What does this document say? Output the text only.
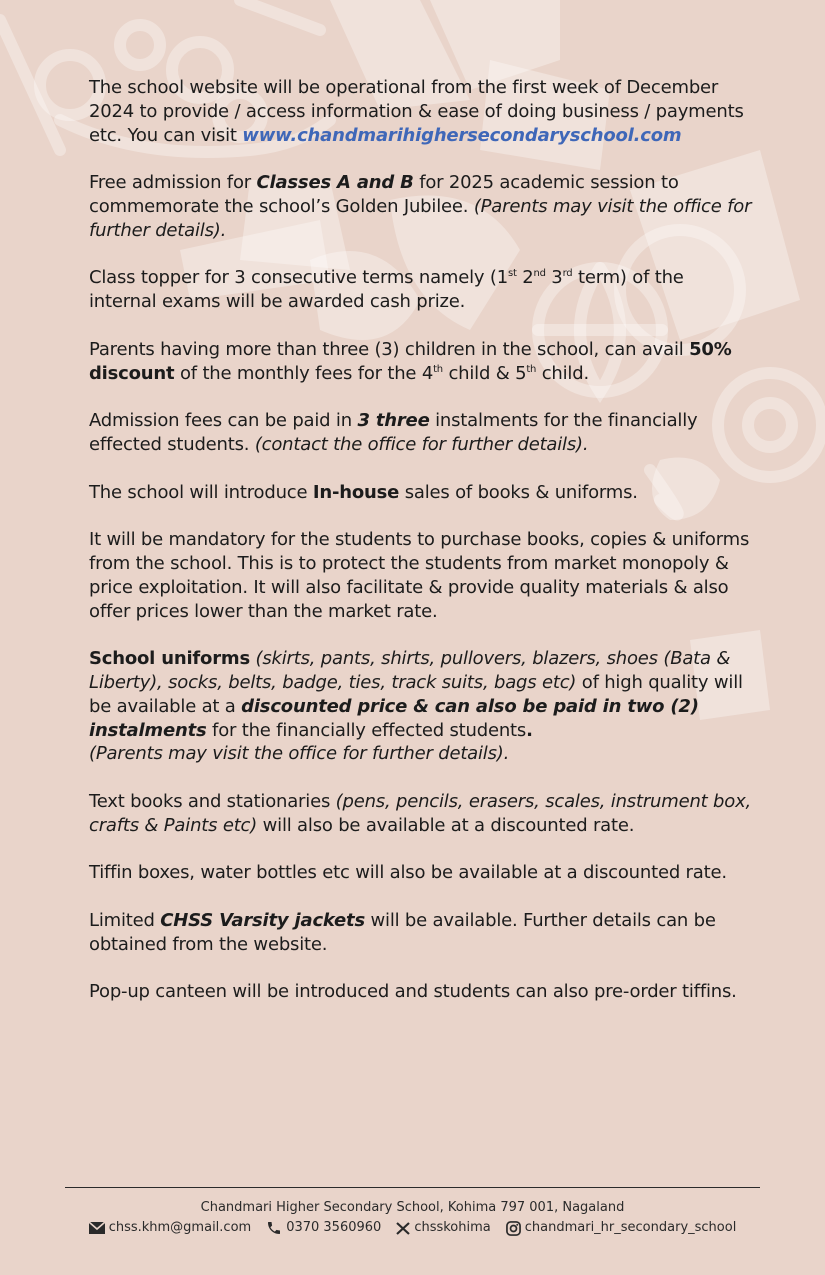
The school website will be operational from the first week of December 2024 to provide / access information & ease of doing business / payments etc. You can visit www.chandmarihighersecondaryschool.com

Free admission for Classes A and B for 2025 academic session to commemorate the school’s Golden Jubilee. (Parents may visit the office for further details).

Class topper for 3 consecutive terms namely (1st 2nd 3rd term) of the internal exams will be awarded cash prize.

Parents having more than three (3) children in the school, can avail 50% discount of the monthly fees for the 4th child & 5th child.

Admission fees can be paid in 3 three instalments for the financially effected students. (contact the office for further details).

The school will introduce In-house sales of books & uniforms.

It will be mandatory for the students to purchase books, copies & uniforms from the school. This is to protect the students from market monopoly & price exploitation. It will also facilitate & provide quality materials & also offer prices lower than the market rate.

School uniforms (skirts, pants, shirts, pullovers, blazers, shoes (Bata & Liberty), socks, belts, badge, ties, track suits, bags etc) of high quality will be available at a discounted price & can also be paid in two (2) instalments for the financially effected students.
(Parents may visit the office for further details).

Text books and stationaries (pens, pencils, erasers, scales, instrument box, crafts & Paints etc) will also be available at a discounted rate.

Tiffin boxes, water bottles etc will also be available at a discounted rate.

Limited CHSS Varsity jackets will be available. Further details can be obtained from the website.

Pop-up canteen will be introduced and students can also pre-order tiffins.

Chandmari Higher Secondary School, Kohima 797 001, Nagaland
chss.khm@gmail.com	0370 3560960	chsskohima	chandmari_hr_secondary_school
